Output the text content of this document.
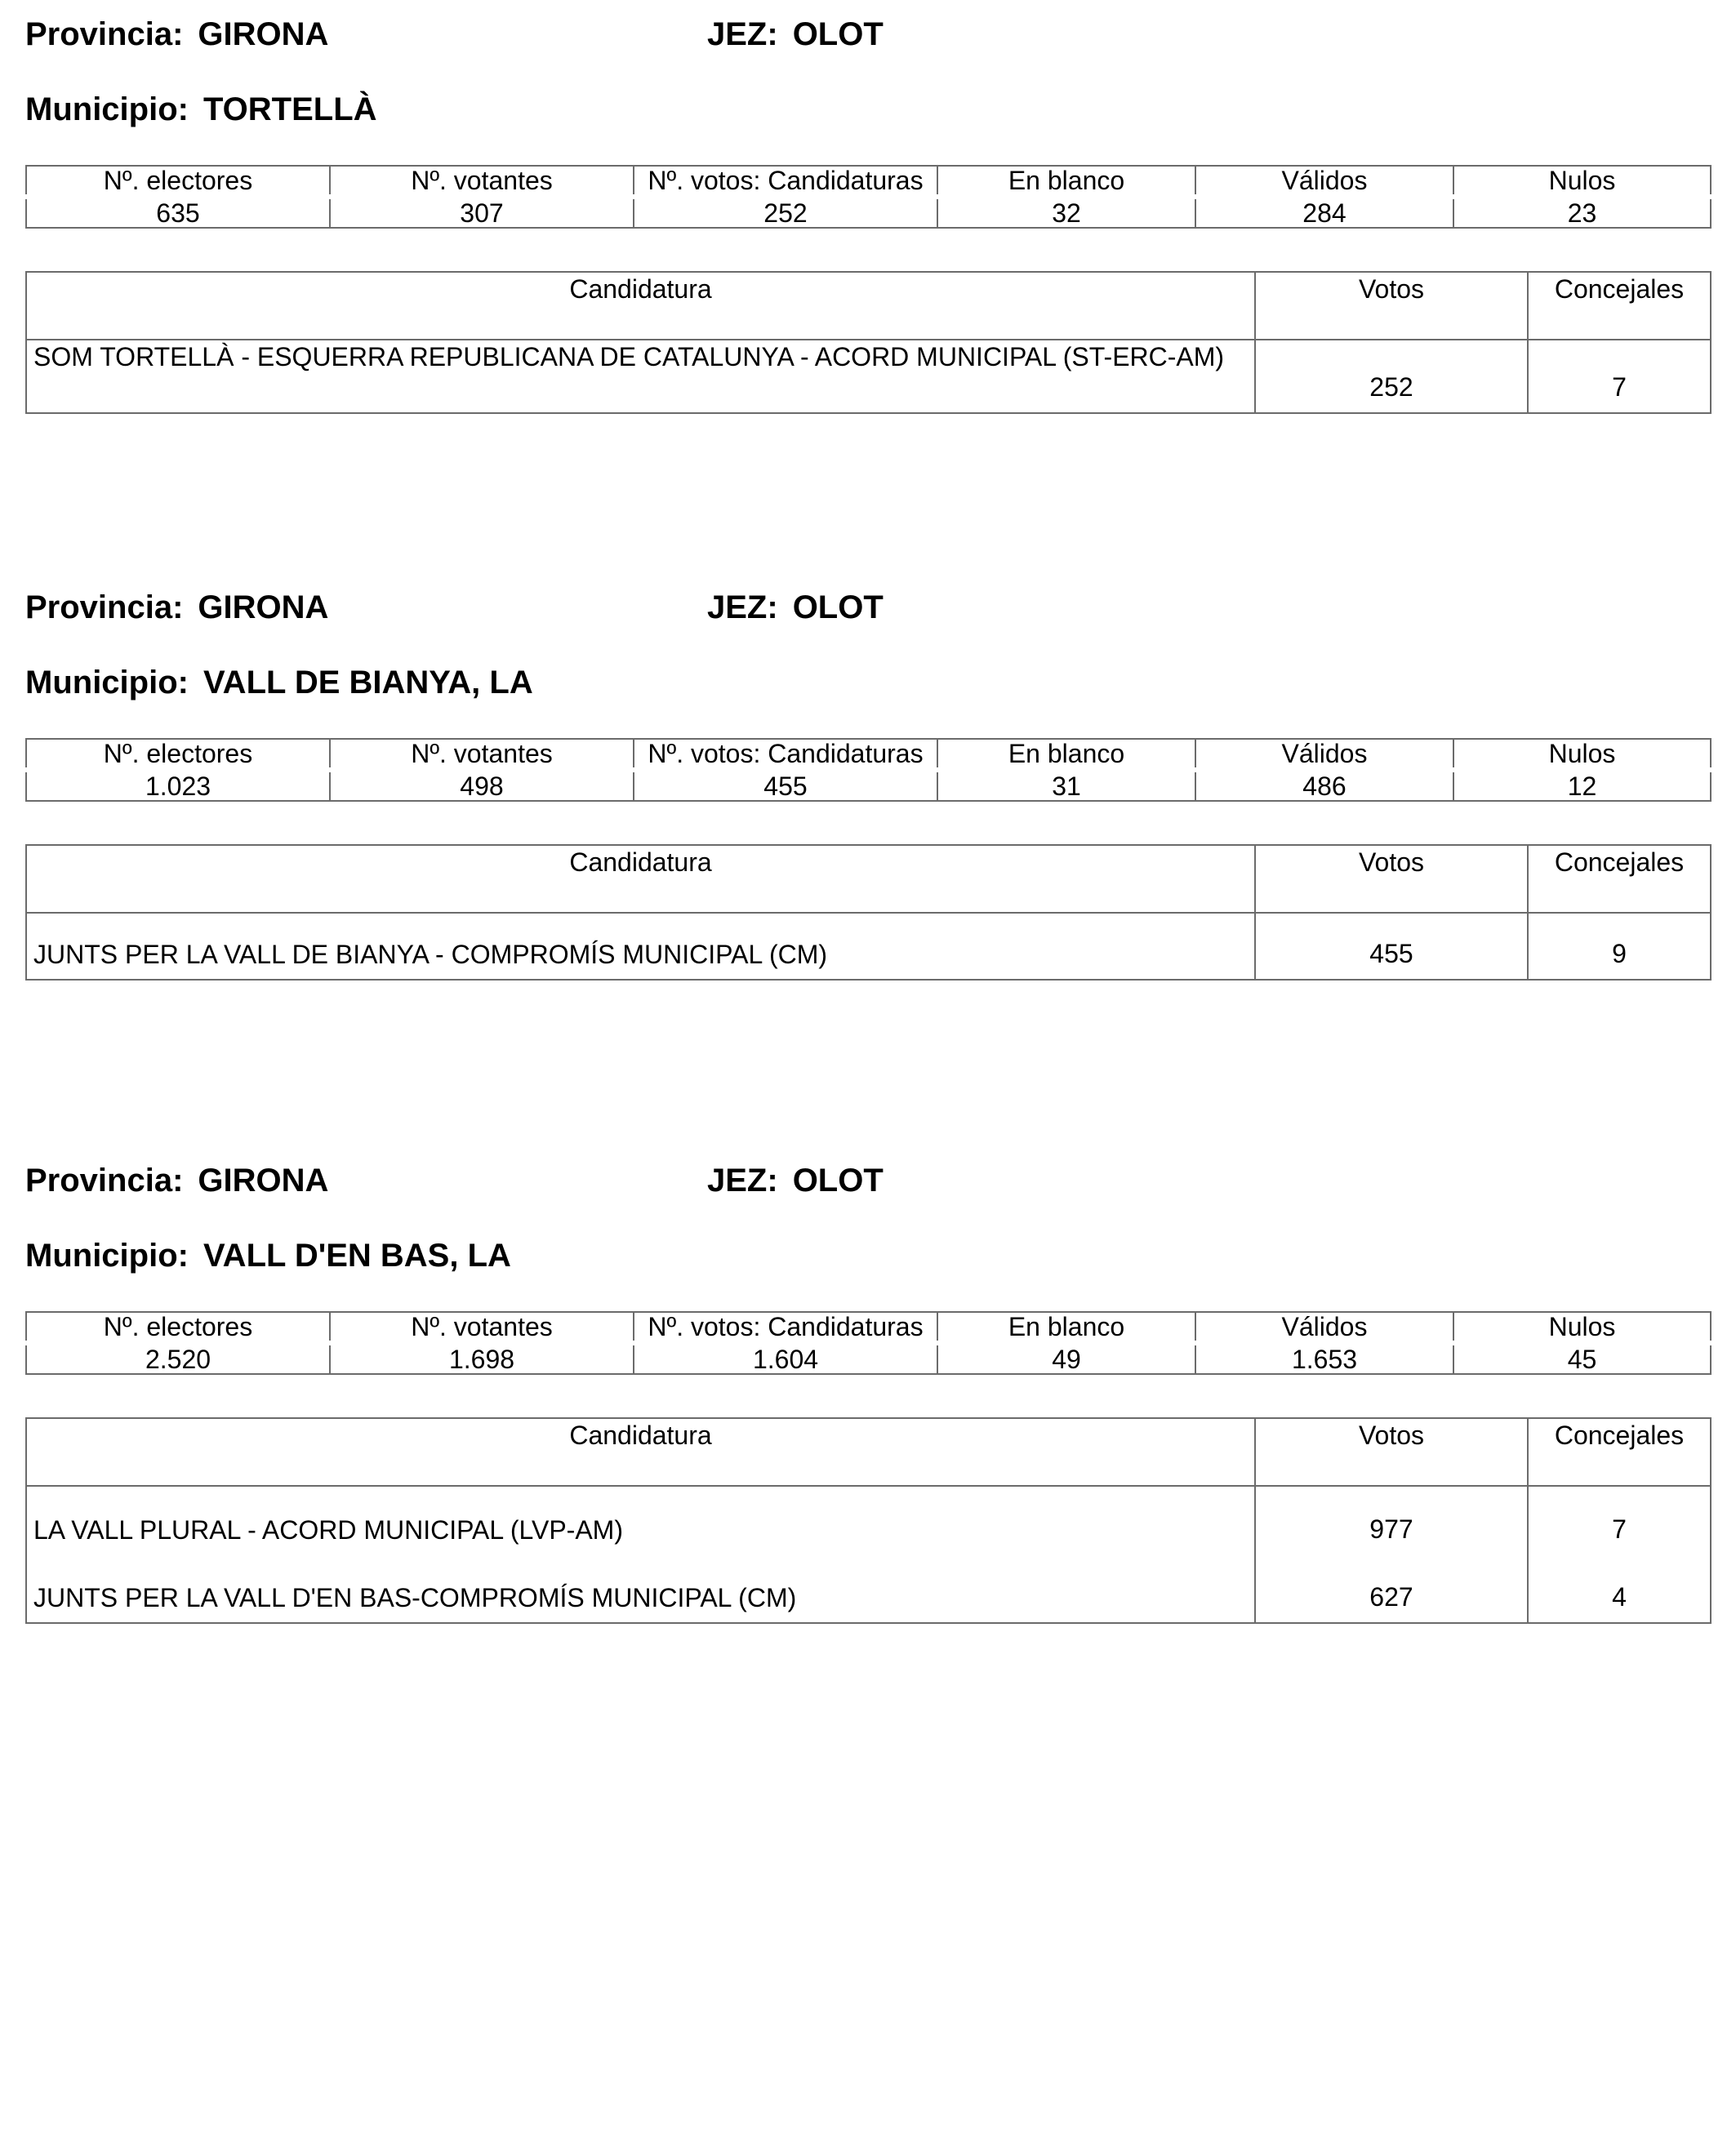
Provincia: GIRONA	JEZ: OLOT
Municipio: TORTELLÀ
Nº. electores	Nº. votantes	Nº. votos: Candidaturas	En blanco	Válidos	Nulos
635	307	252	32	284	23
Candidatura	Votos	Concejales
SOM TORTELLÀ - ESQUERRA REPUBLICANA DE CATALUNYA - ACORD MUNICIPAL (ST-ERC-AM)	252	7
Provincia: GIRONA	JEZ: OLOT
Municipio: VALL DE BIANYA, LA
Nº. electores	Nº. votantes	Nº. votos: Candidaturas	En blanco	Válidos	Nulos
1.023	498	455	31	486	12
Candidatura	Votos	Concejales
JUNTS PER LA VALL DE BIANYA - COMPROMÍS MUNICIPAL (CM)	455	9
Provincia: GIRONA	JEZ: OLOT
Municipio: VALL D'EN BAS, LA
Nº. electores	Nº. votantes	Nº. votos: Candidaturas	En blanco	Válidos	Nulos
2.520	1.698	1.604	49	1.653	45
Candidatura	Votos	Concejales
LA VALL PLURAL - ACORD MUNICIPAL (LVP-AM)	977	7
JUNTS PER LA VALL D'EN BAS-COMPROMÍS MUNICIPAL (CM)	627	4
